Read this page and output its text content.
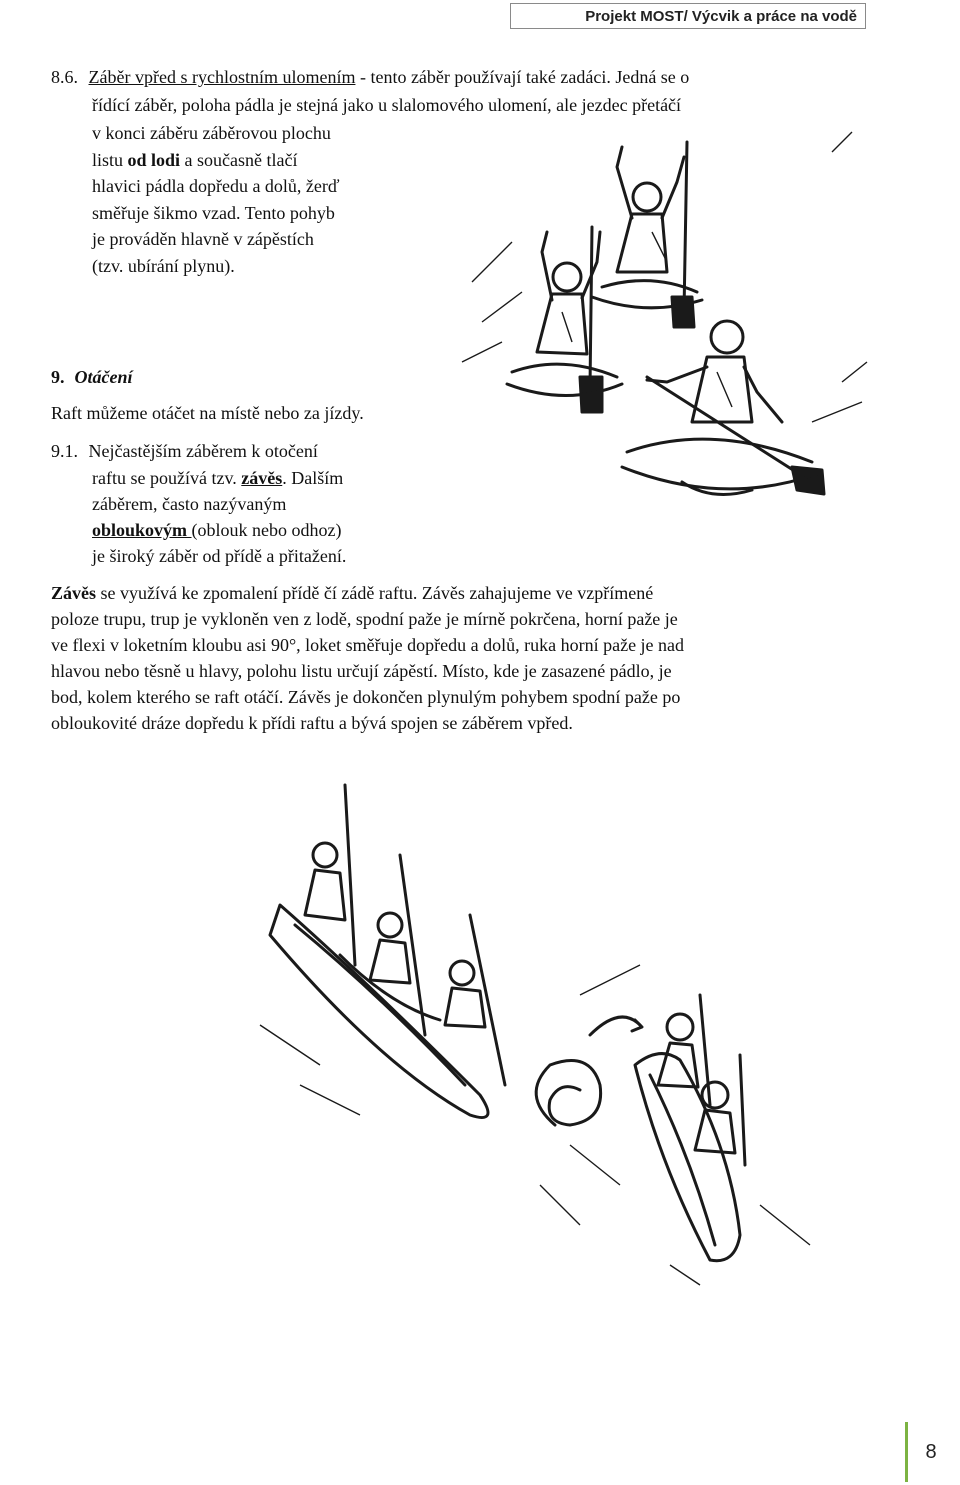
Projekt MOST/ Výcvik a práce na vodě
8.6. Záběr vpřed s rychlostním ulomením - tento záběr používají také zadáci. Jedná se o
řídící záběr, poloha pádla je stejná jako u slalomového ulomení, ale jezdec přetáčí
v konci záběru záběrovou plochu
listu od lodi a současně tlačí
hlavici pádla dopředu a dolů, žerď
směřuje šikmo vzad. Tento pohyb
je prováděn hlavně v zápěstích
(tzv. ubírání plynu).
9. Otáčení
Raft můžeme otáčet na místě nebo za jízdy.
9.1. Nejčastějším záběrem k otočení
raftu se používá tzv. závěs. Dalším
záběrem, často nazývaným
obloukovým (oblouk nebo odhoz)
je široký záběr od přídě a přitažení.
Závěs se využívá ke zpomalení přídě čí zádě raftu. Závěs zahajujeme ve vzpřímené
poloze trupu, trup je vykloněn ven z lodě, spodní paže je mírně pokrčena, horní paže je
ve flexi v loketním kloubu asi 90°, loket směřuje dopředu a dolů, ruka horní paže je nad
hlavou nebo těsně u hlavy, polohu listu určují zápěstí. Místo, kde je zasazené pádlo, je
bod, kolem kterého se raft otáčí. Závěs je dokončen plynulým pohybem spodní paže po
obloukovité dráze dopředu k přídi raftu a bývá spojen se záběrem vpřed.
8
